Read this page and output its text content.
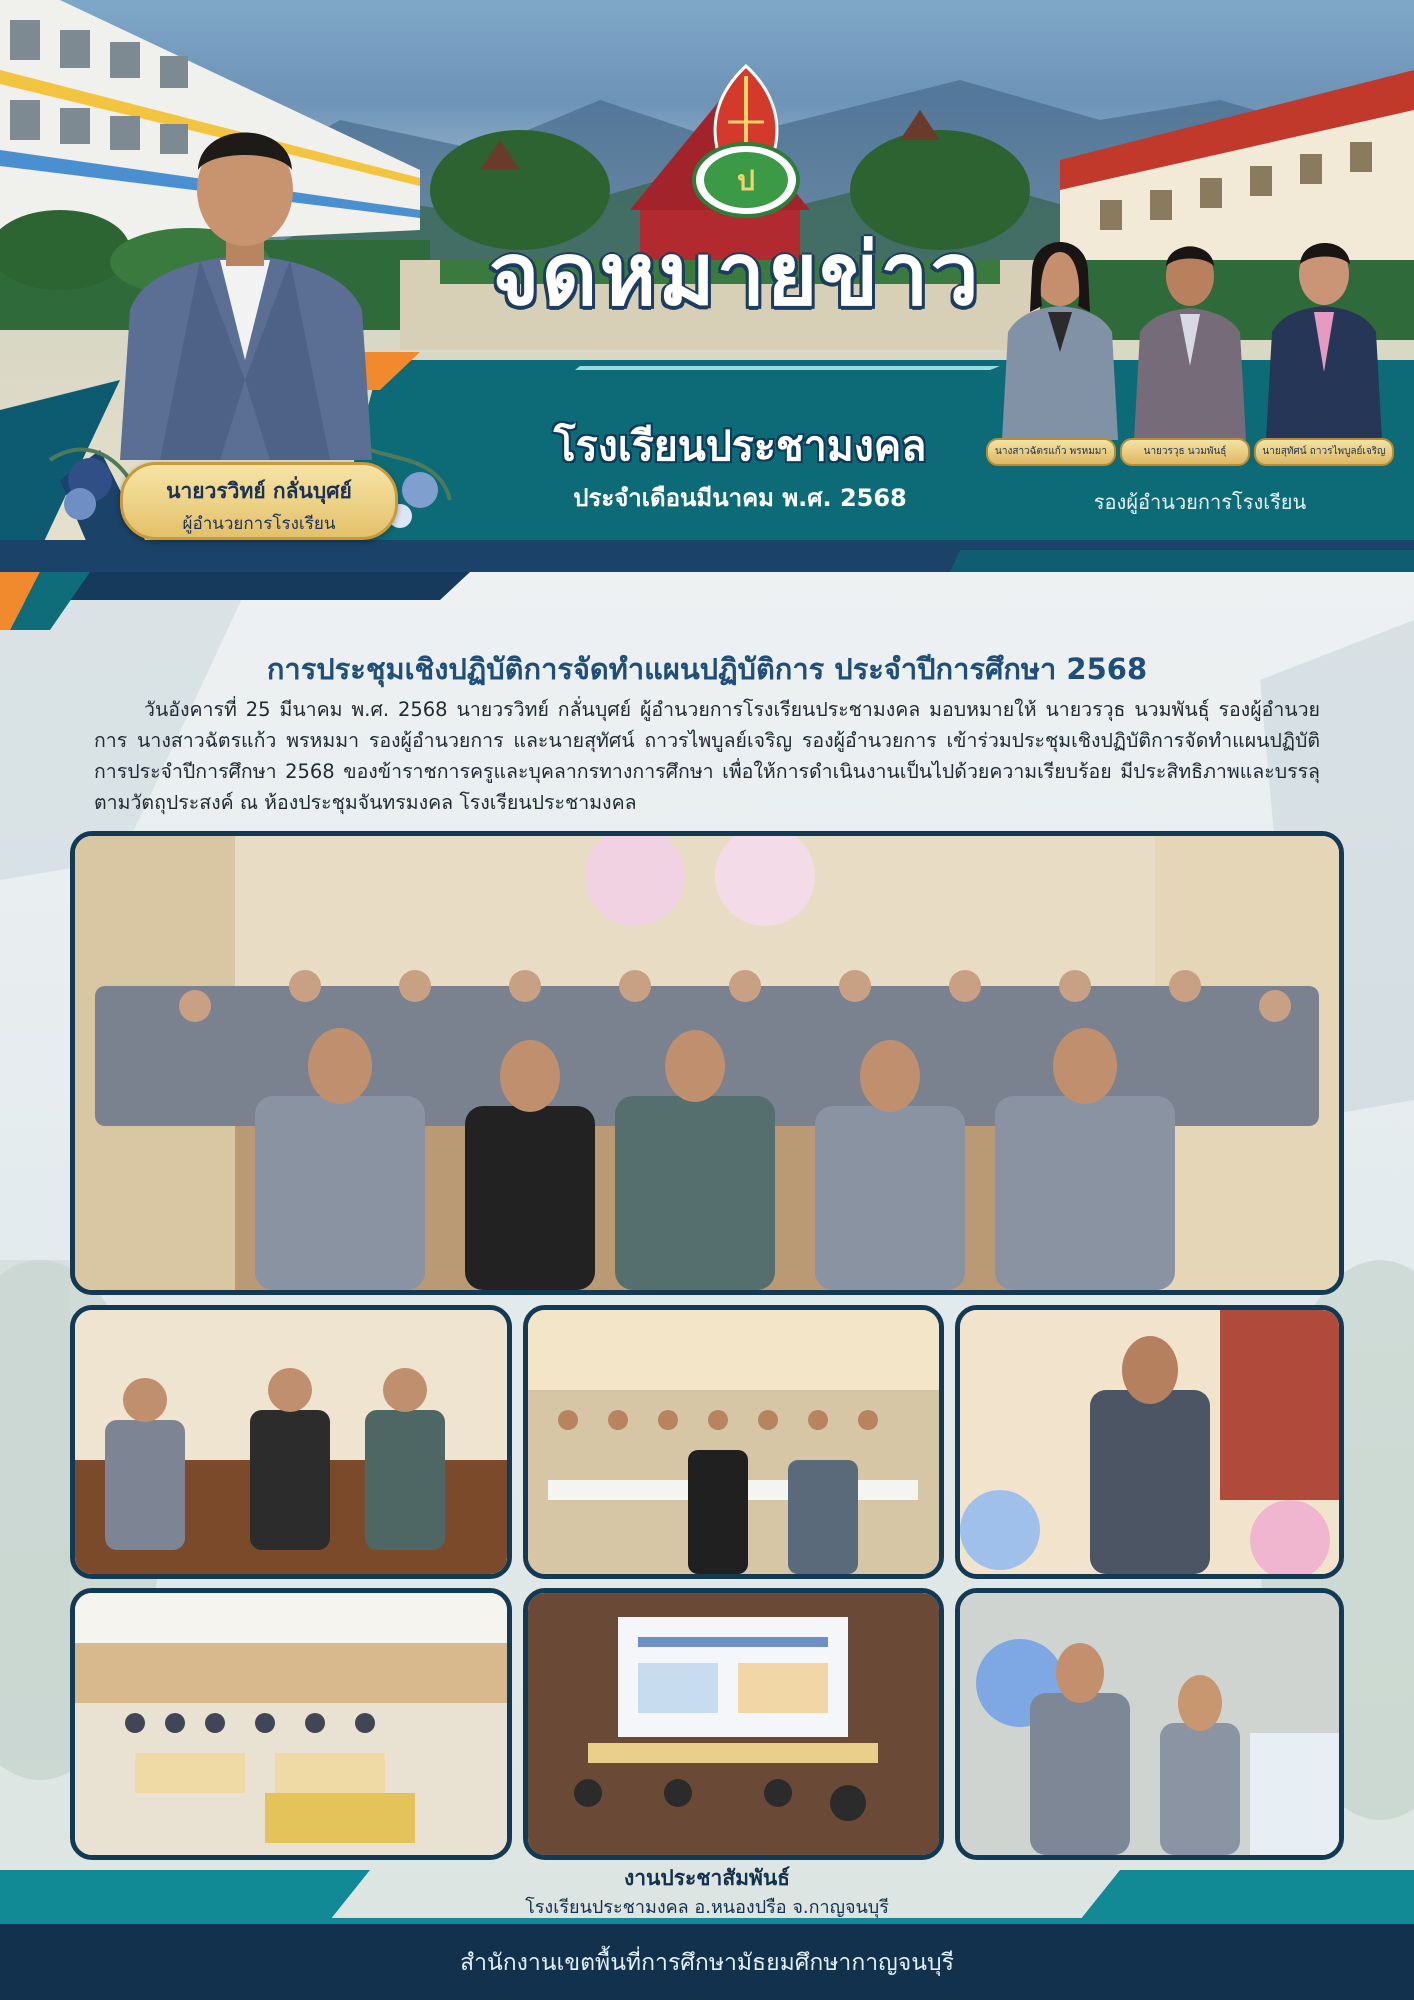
ป
จดหมายข่าว
โรงเรียนประชามงคล
ประจำเดือนมีนาคม พ.ศ. 2568
นายวรวิทย์ กลั่นบุศย์
ผู้อำนวยการโรงเรียน
นางสาวฉัตรแก้ว พรหมมา	นายวรวุธ นวมพันธุ์	นายสุทัศน์ ถาวรไพบูลย์เจริญ
รองผู้อำนวยการโรงเรียน
การประชุมเชิงปฏิบัติการจัดทำแผนปฏิบัติการ ประจำปีการศึกษา 2568
วันอังคารที่ 25 มีนาคม พ.ศ. 2568 นายวรวิทย์ กลั่นบุศย์ ผู้อำนวยการโรงเรียนประชามงคล มอบหมายให้ นายวรวุธ นวมพันธุ์ รองผู้อำนวยการ นางสาวฉัตรแก้ว พรหมมา รองผู้อำนวยการ และนายสุทัศน์ ถาวรไพบูลย์เจริญ รองผู้อำนวยการ เข้าร่วมประชุมเชิงปฏิบัติการจัดทำแผนปฏิบัติการประจำปีการศึกษา 2568 ของข้าราชการครูและบุคลากรทางการศึกษา เพื่อให้การดำเนินงานเป็นไปด้วยความเรียบร้อย มีประสิทธิภาพและบรรลุตามวัตถุประสงค์ ณ ห้องประชุมจันทรมงคล โรงเรียนประชามงคล
งานประชาสัมพันธ์
โรงเรียนประชามงคล อ.หนองปรือ จ.กาญจนบุรี
สำนักงานเขตพื้นที่การศึกษามัธยมศึกษากาญจนบุรี
